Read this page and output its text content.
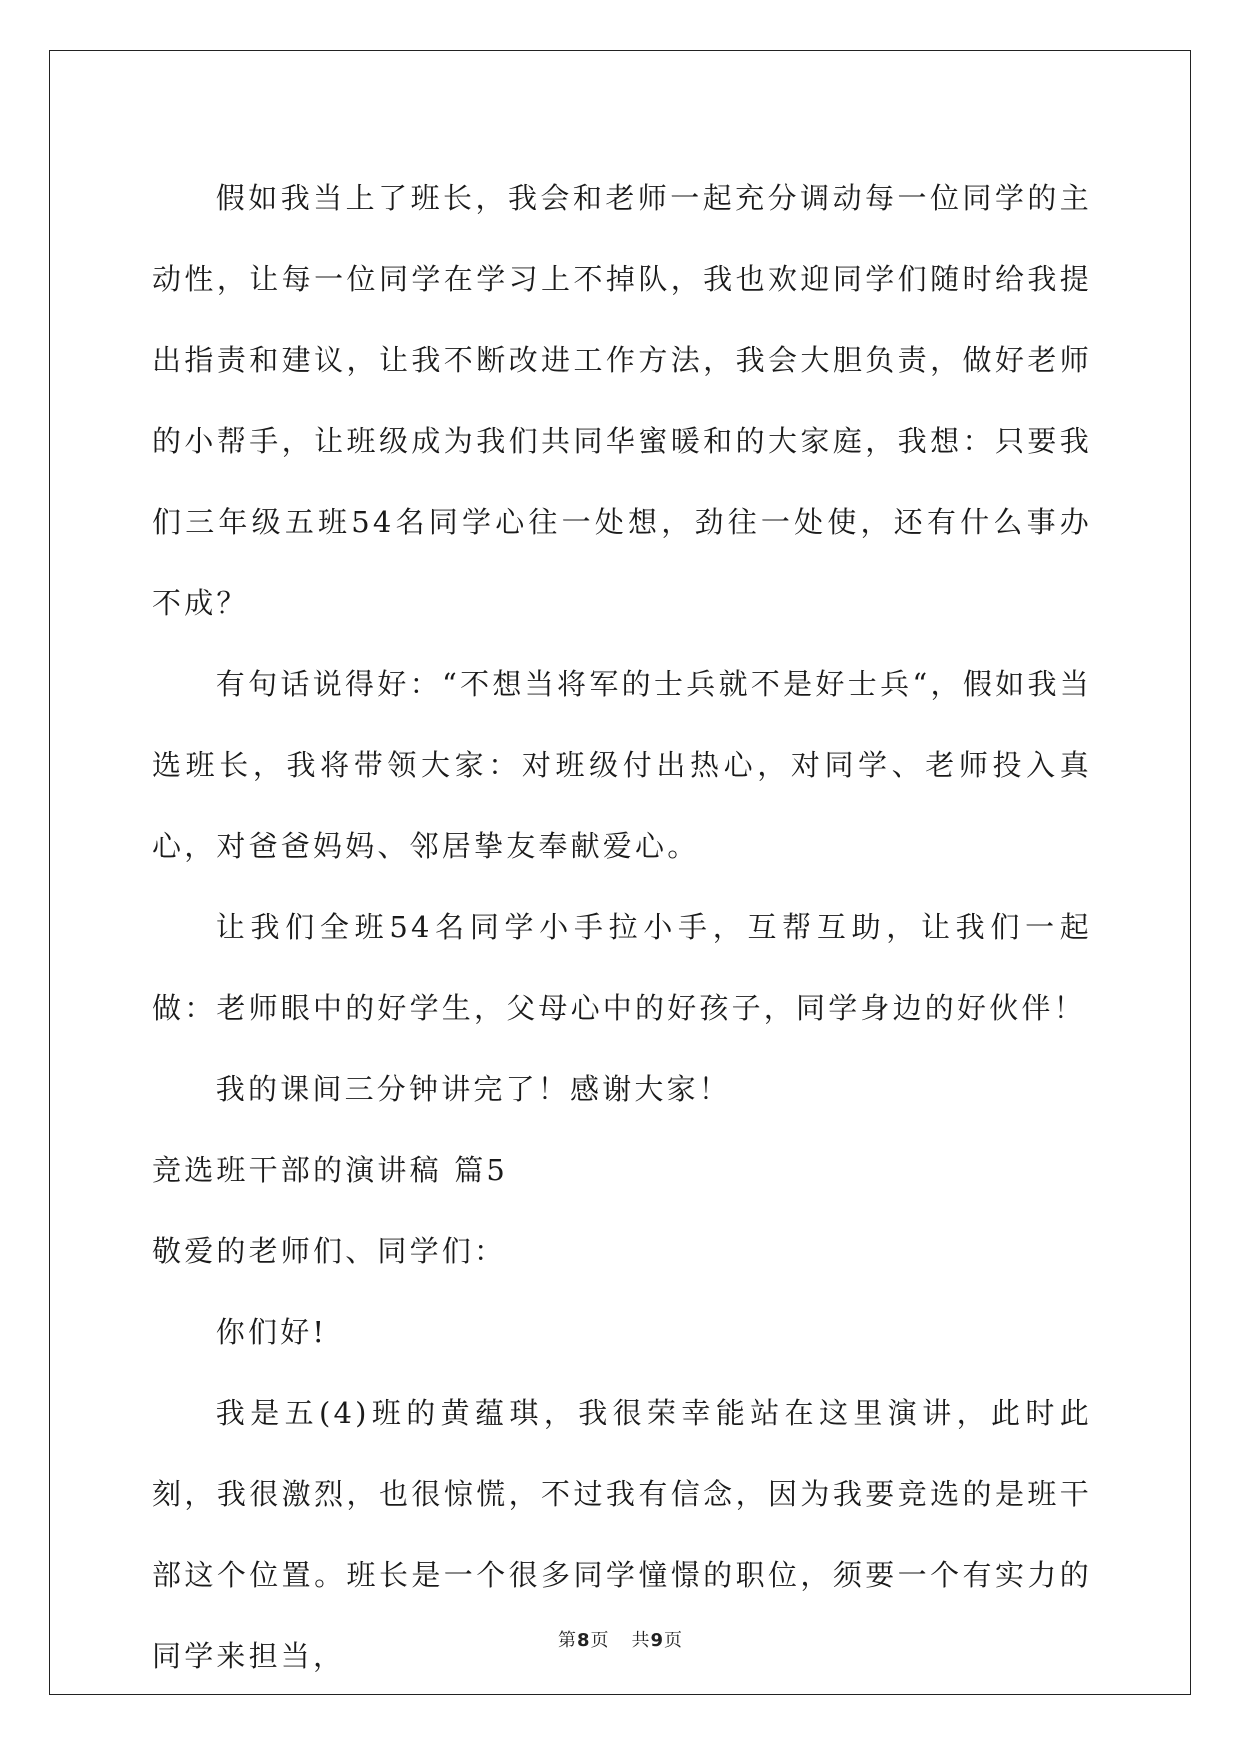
假如我当上了班长，我会和老师一起充分调动每一位同学的主动性，让每一位同学在学习上不掉队，我也欢迎同学们随时给我提出指责和建议，让我不断改进工作方法，我会大胆负责，做好老师的小帮手，让班级成为我们共同华蜜暖和的大家庭，我想：只要我们三年级五班54名同学心往一处想，劲往一处使，还有什么事办不成？

有句话说得好：“不想当将军的士兵就不是好士兵“，假如我当选班长，我将带领大家：对班级付出热心，对同学、老师投入真心，对爸爸妈妈、邻居挚友奉献爱心。

让我们全班54名同学小手拉小手，互帮互助，让我们一起做：老师眼中的好学生，父母心中的好孩子，同学身边的好伙伴！

我的课间三分钟讲完了！感谢大家！

竞选班干部的演讲稿 篇5

敬爱的老师们、同学们：

你们好!

我是五(4)班的黄蕴琪，我很荣幸能站在这里演讲，此时此刻，我很激烈，也很惊慌，不过我有信念，因为我要竞选的是班干部这个位置。班长是一个很多同学憧憬的职位，须要一个有实力的同学来担当，	第8页 共9页
